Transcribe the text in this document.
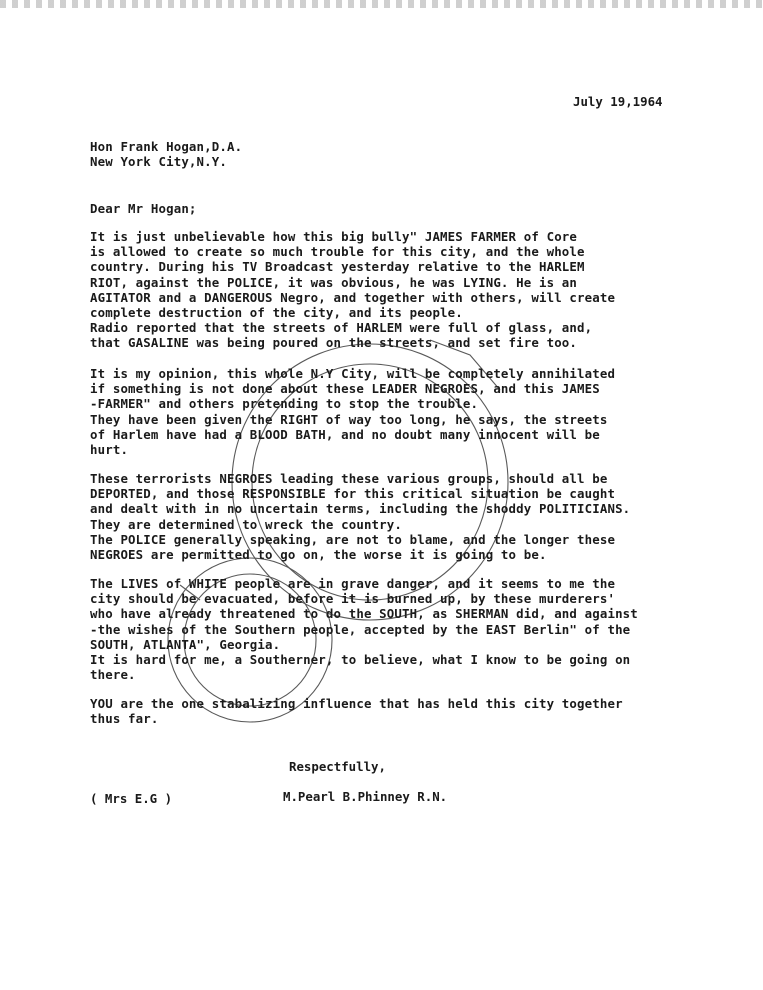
July 19,1964
Hon Frank Hogan,D.A.
New York City,N.Y.
Dear Mr Hogan;
It is just unbelievable how this big bully" JAMES FARMER of Core
is allowed to create so much trouble for this city, and the whole
country. During his TV Broadcast yesterday relative to the HARLEM
RIOT, against the POLICE, it was obvious, he was LYING. He is an
AGITATOR and a DANGEROUS Negro, and together with others, will create
complete destruction of the city, and its people.
Radio reported that the streets of HARLEM were full of glass, and,
that GASALINE was being poured on the streets, and set fire too.
It is my opinion, this whole N.Y City, will be completely annihilated
if something is not done about these LEADER NEGROES, and this JAMES
-FARMER" and others pretending to stop the trouble.
They have been given the RIGHT of way too long, he says, the streets
of Harlem have had a BLOOD BATH, and no doubt many innocent will be
hurt.
These terrorists NEGROES leading these various groups, should all be
DEPORTED, and those RESPONSIBLE for this critical situation be caught
and dealt with in no uncertain terms, including the shoddy POLITICIANS.
They are determined to wreck the country.
The POLICE generally speaking, are not to blame, and the longer these
NEGROES are permitted to go on, the worse it is going to be.
The LIVES of WHITE people are in grave danger, and it seems to me the
city should be evacuated, before it is burned up, by these murderers'
who have already threatened to do the SOUTH, as SHERMAN did, and against
-the wishes of the Southern people, accepted by the EAST Berlin" of the
SOUTH, ATLANTA", Georgia.
It is hard for me, a Southerner, to believe, what I know to be going on
there.
YOU are the one stabalizing influence that has held this city together
thus far.
Respectfully,
( Mrs E.G )	M.Pearl B.Phinney R.N.
